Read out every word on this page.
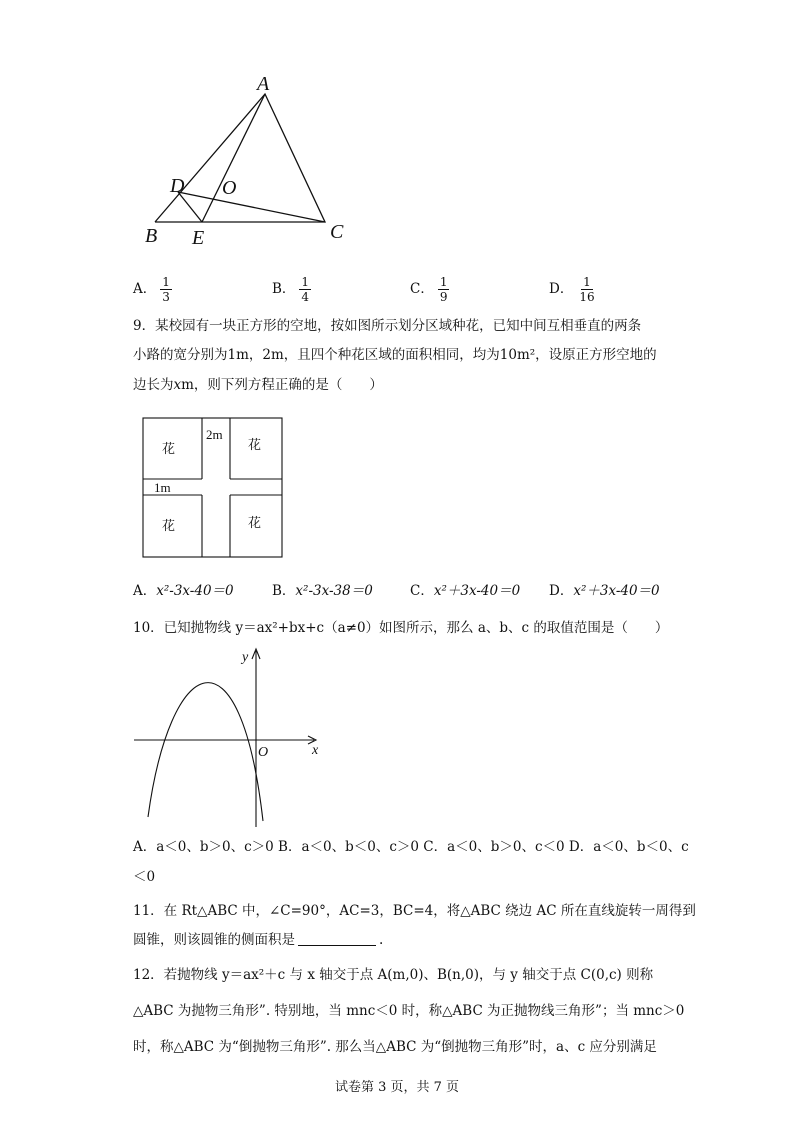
A
D O
B E	C
A． $\frac{1}{3}$	B． $\frac{1}{4}$	C． $\frac{1}{9}$	D． $\frac{1}{16}$
9．某校园有一块正方形的空地，按如图所示划分区域种花，已知中间互相垂直的两条
小路的宽分别为1m，2m，且四个种花区域的面积相同，均为10m²，设原正方形空地的
边长为xm，则下列方程正确的是（　　）
花	花
花	花
2m
1m
A．x²-3x-40＝0	B．x²-3x-38＝0	C．x²＋3x-40＝0 D．x²＋3x-40＝0
10．已知抛物线 y＝ax²+bx+c（a≠0）如图所示，那么 a、b、c 的取值范围是（　　）
y
x
O
A．a＜0、b＞0、c＞0 B．a＜0、b＜0、c＞0 C．a＜0、b＞0、c＜0 D．a＜0、b＜0、c
＜0
11．在 Rt△ABC 中，∠C=90°，AC=3，BC=4，将△ABC 绕边 AC 所在直线旋转一周得到
圆锥，则该圆锥的侧面积是	.
12．若抛物线 y＝ax²＋c 与 x 轴交于点 A(m,0)、B(n,0)，与 y 轴交于点 C(0,c) 则称
△ABC 为抛物三角形”. 特别地，当 mnc＜0 时，称△ABC 为正抛物线三角形”；当 mnc＞0
时，称△ABC 为“倒抛物三角形”. 那么当△ABC 为“倒抛物三角形”时，a、c 应分别满足
试卷第 3 页，共 7 页
